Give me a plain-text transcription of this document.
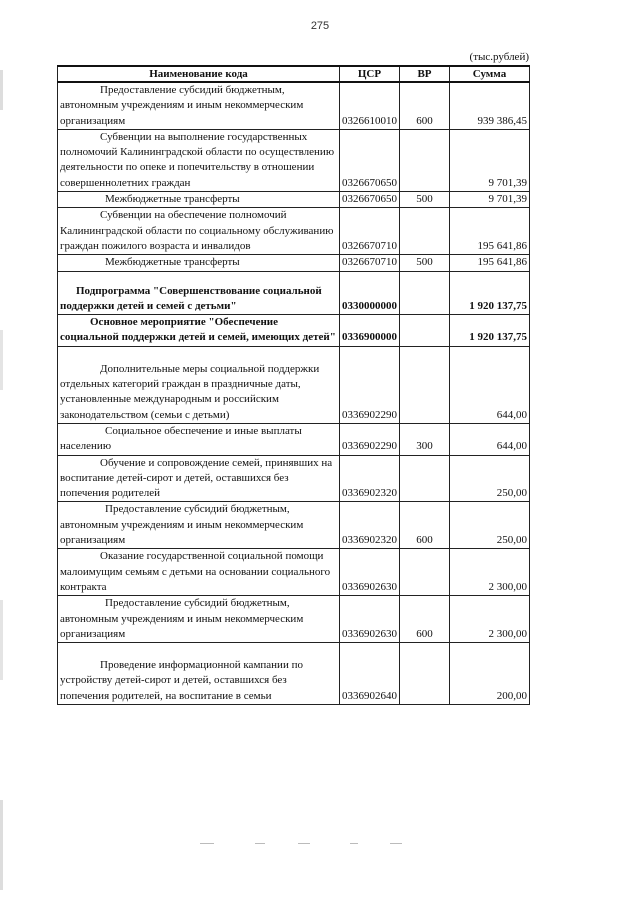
275
(тыс.рублей)
Наименование кода	ЦСР	ВР	Сумма

Предоставление субсидий бюджетным, автономным учреждениям и иным некоммерческим организациям	0326610010	600	939 386,45

Субвенции на выполнение государственных полномочий Калининградской области по осуществлению деятельности по опеке и попечительству в отношении совершеннолетних граждан	0326670650		9 701,39

Межбюджетные трансферты	0326670650	500	9 701,39

Субвенции на обеспечение полномочий Калининградской области по социальному обслуживанию граждан пожилого возраста и инвалидов	0326670710		195 641,86

Межбюджетные трансферты	0326670710	500	195 641,86

Подпрограмма "Совершенствование социальной поддержки детей и семей с детьми"	0330000000		1 920 137,75

Основное мероприятие "Обеспечение социальной поддержки детей и семей, имеющих детей"	0336900000		1 920 137,75

Дополнительные меры социальной поддержки отдельных категорий граждан в праздничные даты, установленные международным и российским законодательством (семьи с детьми)	0336902290		644,00

Социальное обеспечение и иные выплаты населению	0336902290	300	644,00

Обучение и сопровождение семей, принявших на воспитание детей-сирот и детей, оставшихся без попечения родителей	0336902320		250,00

Предоставление субсидий бюджетным, автономным учреждениям и иным некоммерческим организациям	0336902320	600	250,00

Оказание государственной социальной помощи малоимущим семьям с детьми на основании социального контракта	0336902630		2 300,00

Предоставление субсидий бюджетным, автономным учреждениям и иным некоммерческим организациям	0336902630	600	2 300,00

Проведение информационной кампании по устройству детей-сирот и детей, оставшихся без попечения родителей, на воспитание в семьи	0336902640		200,00
